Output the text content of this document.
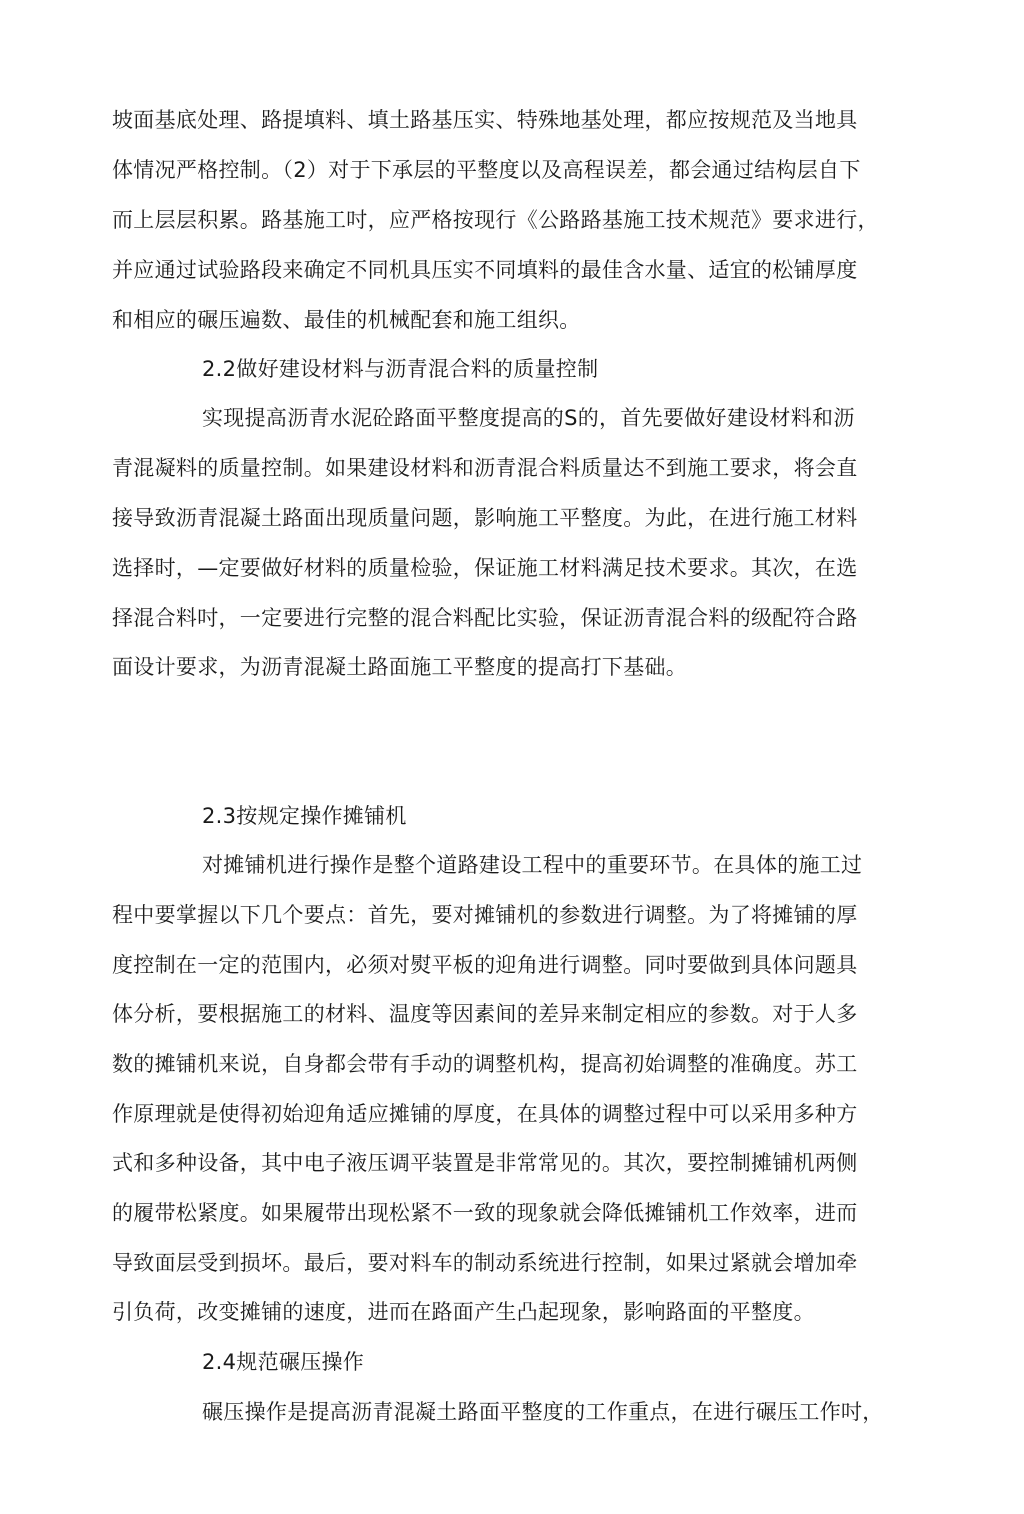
坡面基底处理、路提填料、填土路基压实、特殊地基处理，都应按规范及当地具
体情况严格控制。（2）对于下承层的平整度以及高程误差，都会通过结构层自下
而上层层积累。路基施工吋，应严格按现行《公路路基施工技术规范》要求进行，
并应通过试验路段来确定不同机具压实不同填料的最佳含水量、适宜的松铺厚度
和相应的碾压遍数、最佳的机械配套和施工组织。
2.2做好建设材料与沥青混合料的质量控制
实现提高沥青水泥砼路面平整度提高的S的，首先要做好建设材料和沥
青混凝料的质量控制。如果建设材料和沥青混合料质量达不到施工要求，将会直
接导致沥青混凝土路面出现质量问题，影响施工平整度。为此，在进行施工材料
选择时，—定要做好材料的质量检验，保证施工材料满足技术要求。其次，在选
择混合料吋，一定要进行完整的混合料配比实验，保证沥青混合料的级配符合路
面设计要求，为沥青混凝土路面施工平整度的提高打下基础。
2.3按规定操作摊铺机
对摊铺机进行操作是整个道路建设工程中的重要环节。在具体的施工过
程中要掌握以下几个要点：首先，要对摊铺机的参数进行调整。为了将摊铺的厚
度控制在一定的范围内，必须对熨平板的迎角进行调整。同吋要做到具体问题具
体分析，要根据施工的材料、温度等因素间的差异来制定相应的参数。对于人多
数的摊铺机来说，自身都会带有手动的调整机构，提高初始调整的准确度。苏工
作原理就是使得初始迎角适应摊铺的厚度，在具体的调整过程中可以采用多种方
式和多种设备，其中电子液压调平装置是非常常见的。其次，要控制摊铺机两侧
的履带松紧度。如果履带出现松紧不一致的现象就会降低摊铺机工作效率，进而
导致面层受到损坏。最后，要对料车的制动系统进行控制，如果过紧就会增加牵
引负荷，改变摊铺的速度，进而在路面产生凸起现象，影响路面的平整度。
2.4规范碾压操作
碾压操作是提高沥青混凝土路面平整度的工作重点，在进行碾压工作吋，
